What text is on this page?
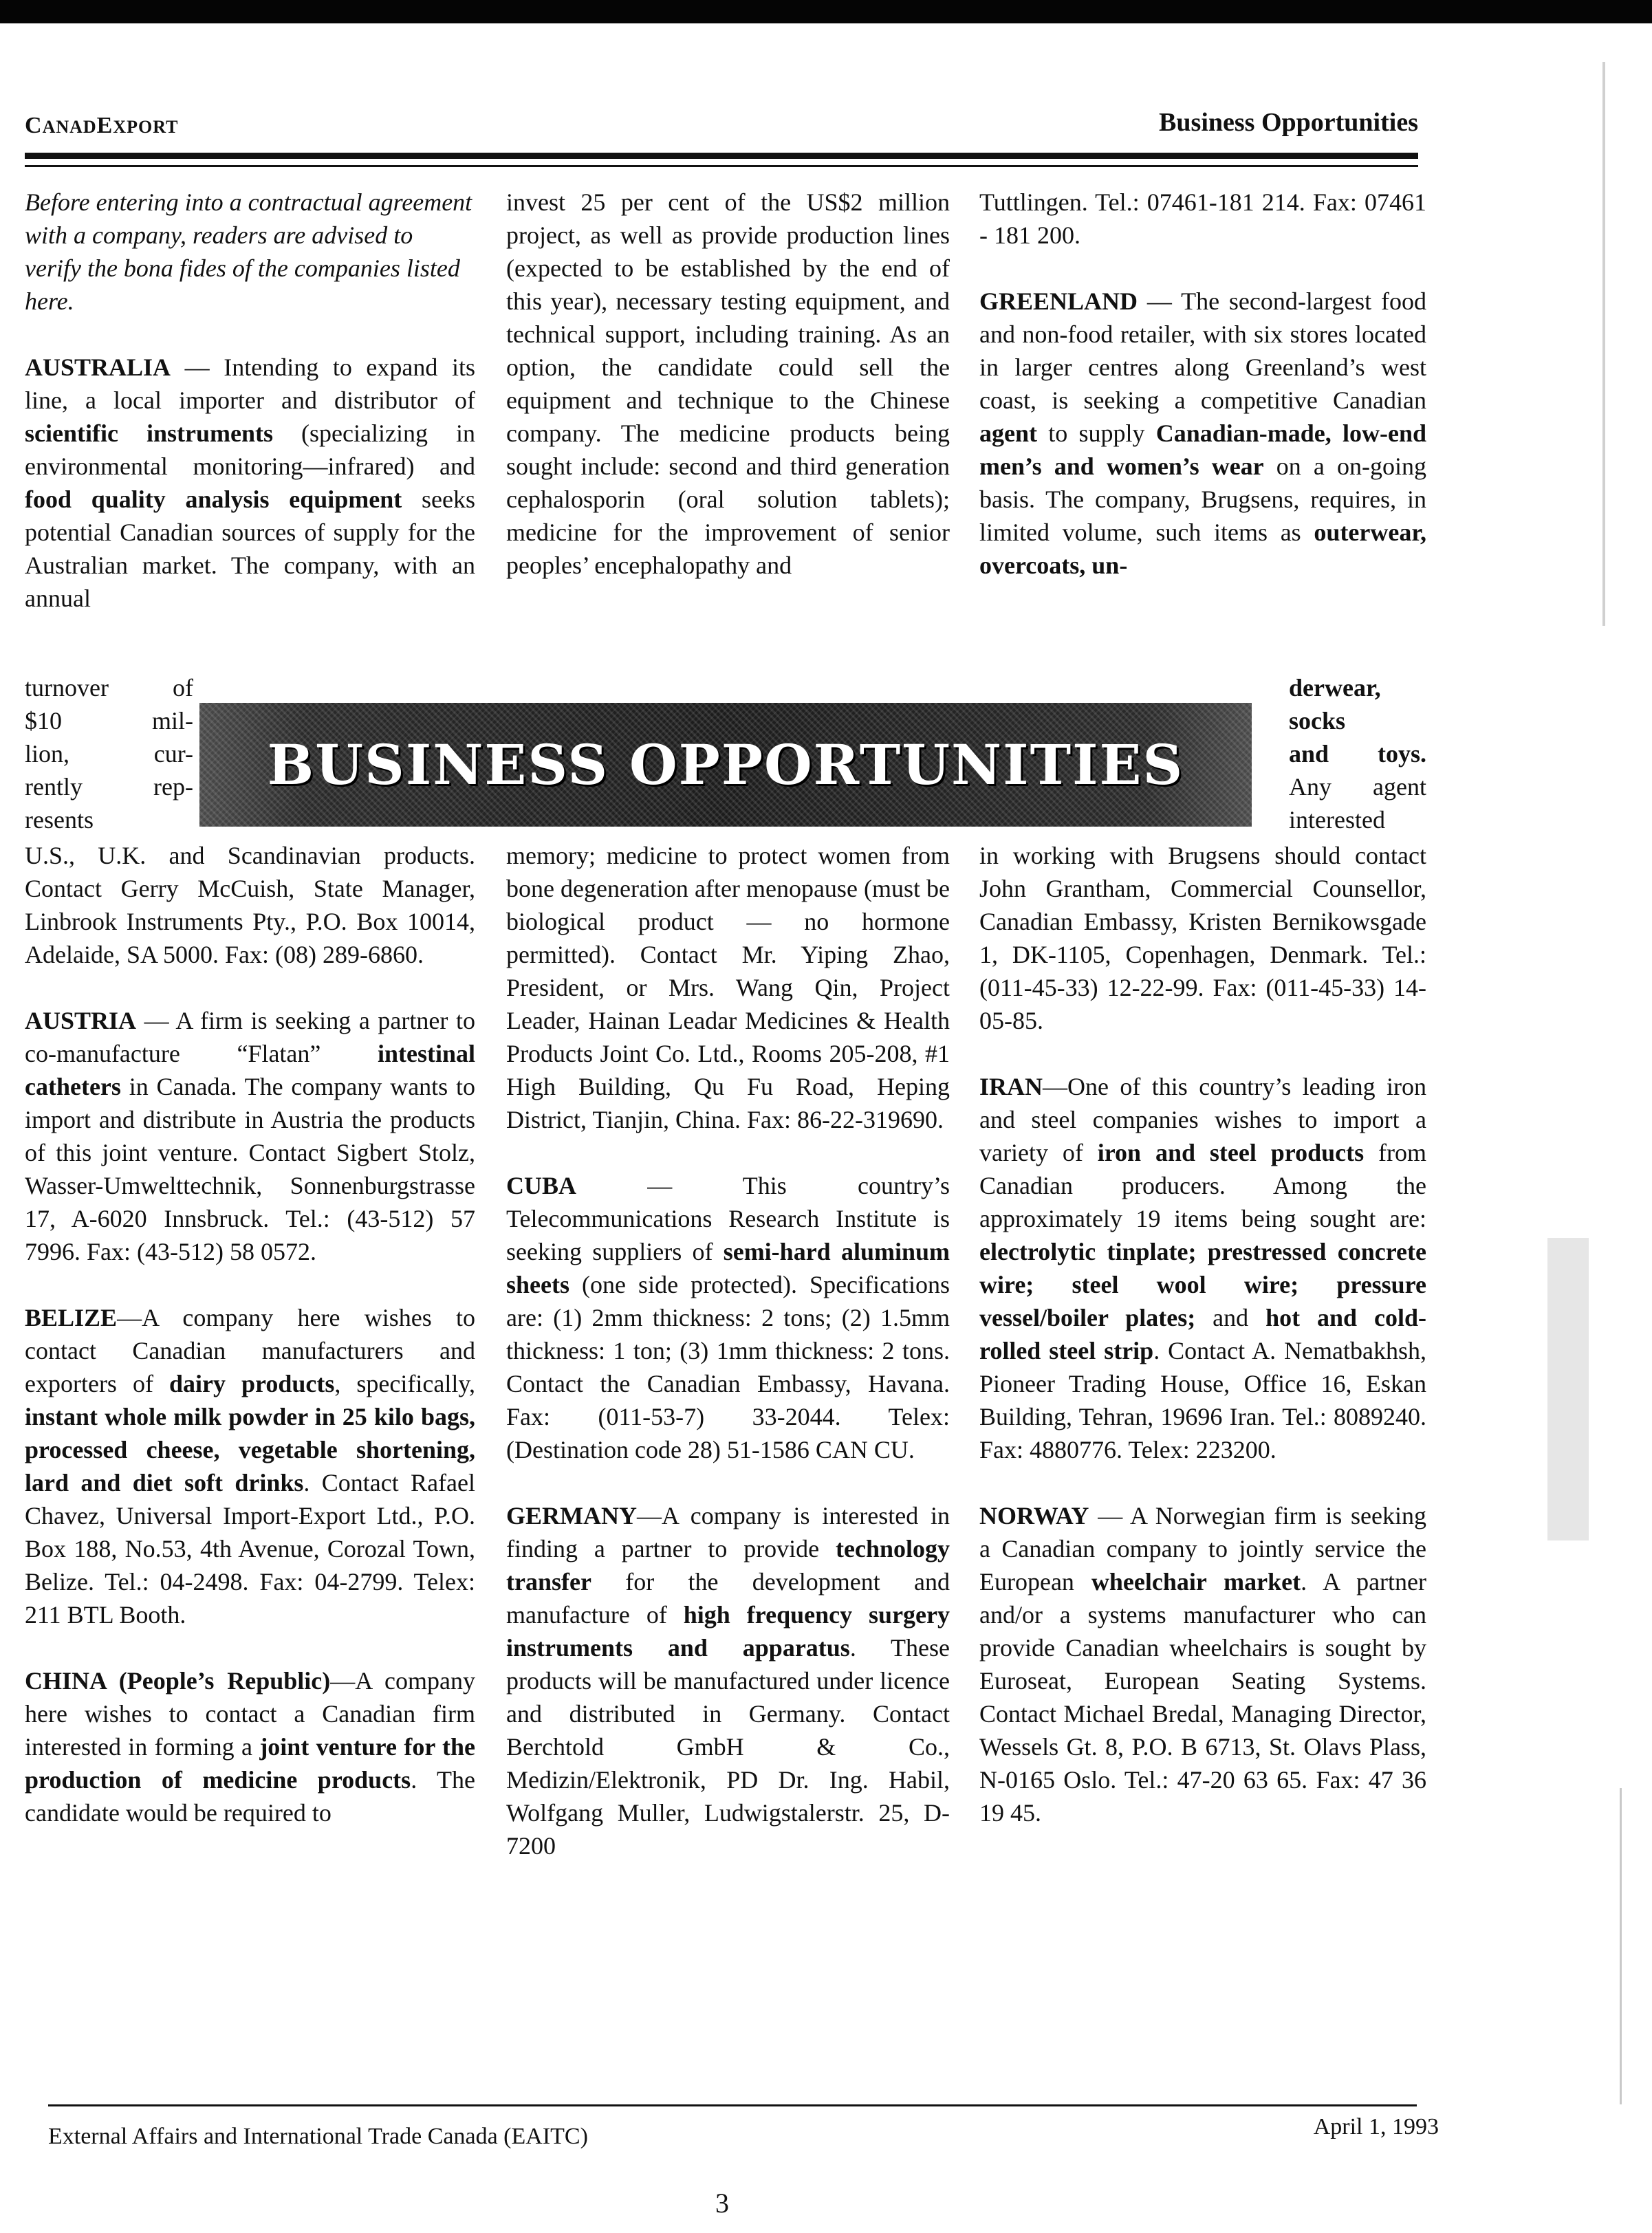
CANADEXPORT	Business Opportunities

Before entering into a contractual agreement with a company, readers are advised to verify the bona fides of the companies listed here.

AUSTRALIA — Intending to expand its line, a local importer and distributor of scientific instruments (specializing in environmental monitoring—infrared) and food quality analysis equipment seeks potential Canadian sources of supply for the Australian market. The company, with an annual

turnover of
$10 mil-
lion, cur-
rently rep-
resents

U.S., U.K. and Scandinavian products. Contact Gerry McCuish, State Manager, Linbrook Instruments Pty., P.O. Box 10014, Adelaide, SA 5000. Fax: (08) 289-6860.

AUSTRIA — A firm is seeking a partner to co-manufacture “Flatan” intestinal catheters in Canada. The company wants to import and distribute in Austria the products of this joint venture. Contact Sigbert Stolz, Wasser-Umwelttechnik, Sonnenburgstrasse 17, A-6020 Innsbruck. Tel.: (43-512) 57 7996. Fax: (43-512) 58 0572.

BELIZE—A company here wishes to contact Canadian manufacturers and exporters of dairy products, specifically, instant whole milk powder in 25 kilo bags, processed cheese, vegetable shortening, lard and diet soft drinks. Contact Rafael Chavez, Universal Import-Export Ltd., P.O. Box 188, No.53, 4th Avenue, Corozal Town, Belize. Tel.: 04-2498. Fax: 04-2799. Telex: 211 BTL Booth.

CHINA (People’s Republic)—A company here wishes to contact a Canadian firm interested in forming a joint venture for the production of medicine products. The candidate would be required to

invest 25 per cent of the US$2 million project, as well as provide production lines (expected to be established by the end of this year), necessary testing equipment, and technical support, including training. As an option, the candidate could sell the equipment and technique to the Chinese company. The medicine products being sought include: second and third generation cephalosporin (oral solution tablets); medicine for the improvement of senior peoples’ encephalopathy and

memory; medicine to protect women from bone degeneration after menopause (must be biological product — no hormone permitted). Contact Mr. Yiping Zhao, President, or Mrs. Wang Qin, Project Leader, Hainan Leadar Medicines & Health Products Joint Co. Ltd., Rooms 205-208, #1 High Building, Qu Fu Road, Heping District, Tianjin, China. Fax: 86-22-319690.

CUBA — This country’s Telecommunications Research Institute is seeking suppliers of semi-hard aluminum sheets (one side protected). Specifications are: (1) 2mm thickness: 2 tons; (2) 1.5mm thickness: 1 ton; (3) 1mm thickness: 2 tons. Contact the Canadian Embassy, Havana. Fax: (011-53-7) 33-2044. Telex: (Destination code 28) 51-1586 CAN CU.

GERMANY—A company is interested in finding a partner to provide technology transfer for the development and manufacture of high frequency surgery instruments and apparatus. These products will be manufactured under licence and distributed in Germany. Contact Berchtold GmbH & Co., Medizin/Elektronik, PD Dr. Ing. Habil, Wolfgang Muller, Ludwigstalerstr. 25, D-7200

Tuttlingen. Tel.: 07461-181 214. Fax: 07461 - 181 200.

GREENLAND — The second-largest food and non-food retailer, with six stores located in larger centres along Greenland’s west coast, is seeking a competitive Canadian agent to supply Canadian-made, low-end men’s and women’s wear on a on-going basis. The company, Brugsens, requires, in limited volume, such items as outerwear, overcoats, un-

derwear,
socks
and toys.
Any agent
interested

in working with Brugsens should contact John Grantham, Commercial Counsellor, Canadian Embassy, Kristen Bernikowsgade 1, DK-1105, Copenhagen, Denmark. Tel.: (011-45-33) 12-22-99. Fax: (011-45-33) 14-05-85.

IRAN—One of this country’s leading iron and steel companies wishes to import a variety of iron and steel products from Canadian producers. Among the approximately 19 items being sought are: electrolytic tinplate; prestressed concrete wire; steel wool wire; pressure vessel/boiler plates; and hot and cold-rolled steel strip. Contact A. Nematbakhsh, Pioneer Trading House, Office 16, Eskan Building, Tehran, 19696 Iran. Tel.: 8089240. Fax: 4880776. Telex: 223200.

NORWAY — A Norwegian firm is seeking a Canadian company to jointly service the European wheelchair market. A partner and/or a systems manufacturer who can provide Canadian wheelchairs is sought by Euroseat, European Seating Systems. Contact Michael Bredal, Managing Director, Wessels Gt. 8, P.O. B 6713, St. Olavs Plass, N-0165 Oslo. Tel.: 47-20 63 65. Fax: 47 36 19 45.

BUSINESS OPPORTUNITIES
External Affairs and International Trade Canada (EAITC)	April 1, 1993
3
